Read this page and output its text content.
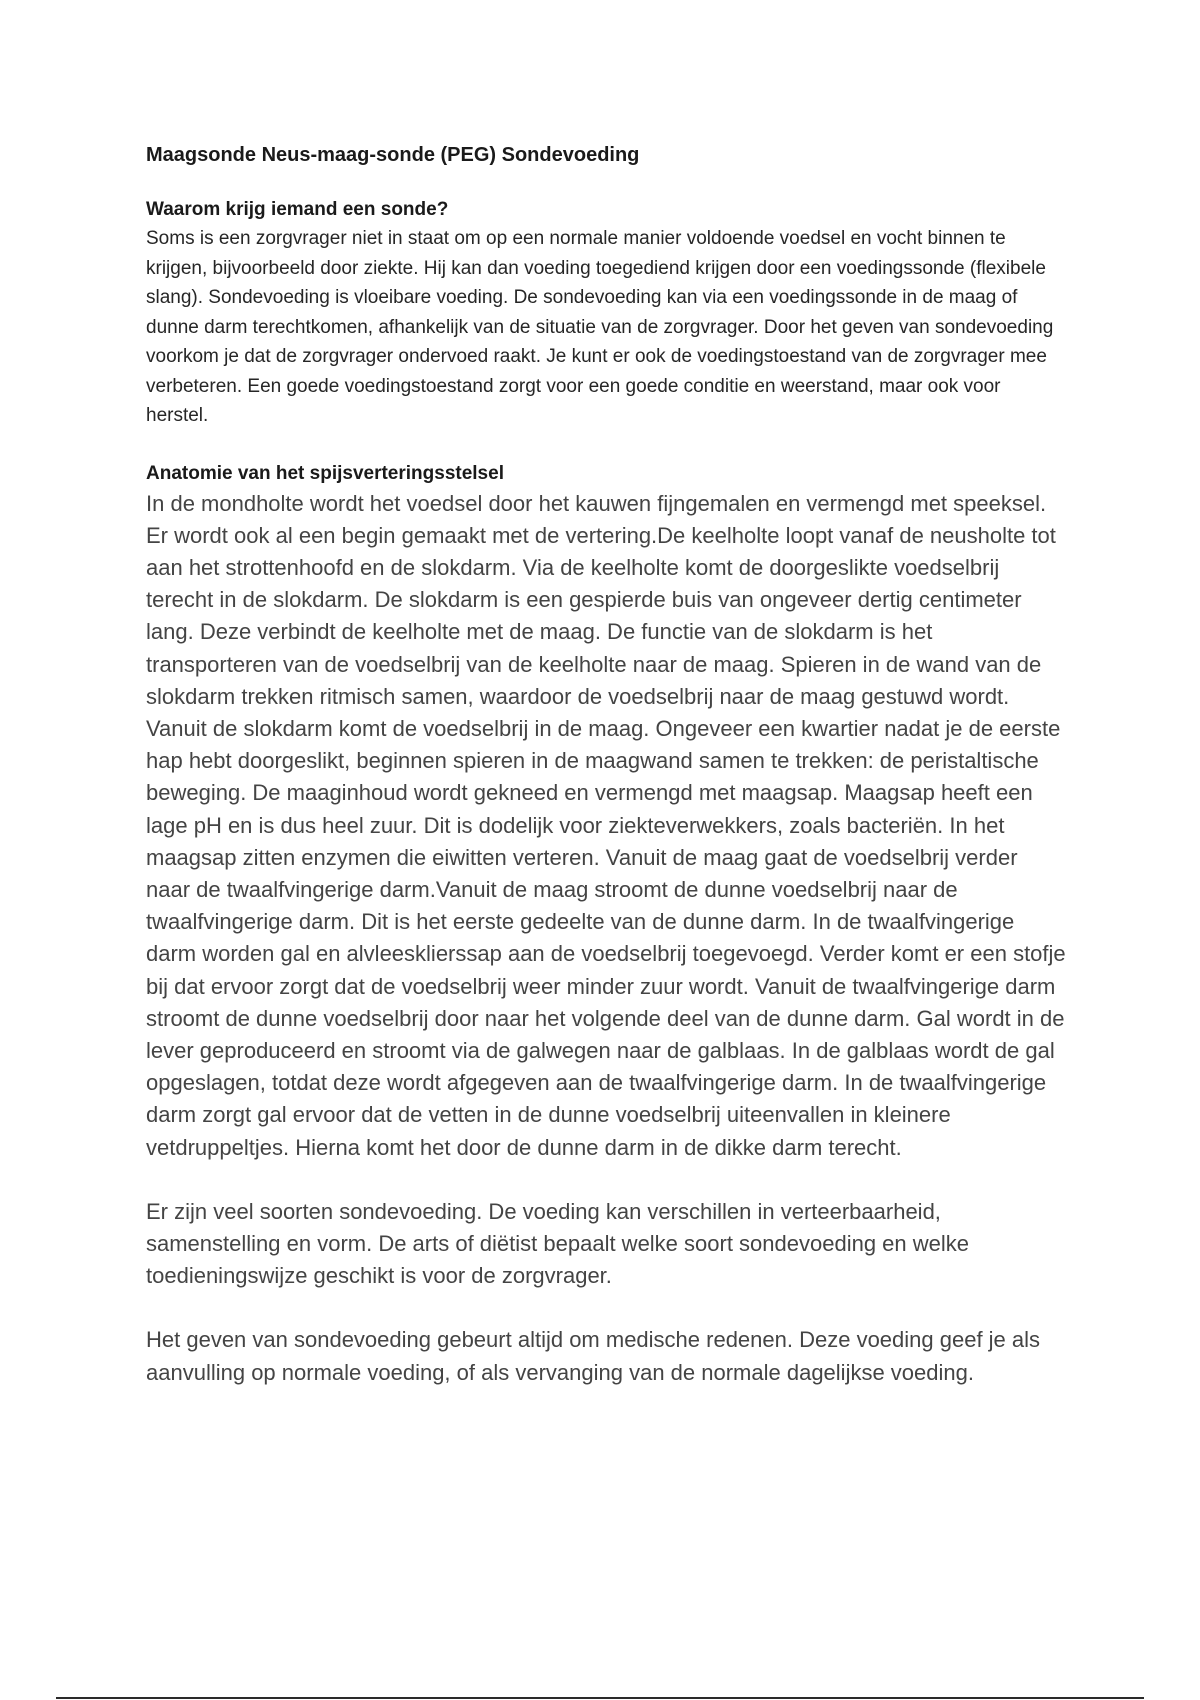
Maagsonde Neus-maag-sonde (PEG) Sondevoeding
Waarom krijg iemand een sonde?

Soms is een zorgvrager niet in staat om op een normale manier voldoende voedsel en vocht binnen te krijgen, bijvoorbeeld door ziekte. Hij kan dan voeding toegediend krijgen door een voedingssonde (flexibele slang). Sondevoeding is vloeibare voeding. De sondevoeding kan via een voedingssonde in de maag of dunne darm terechtkomen, afhankelijk van de situatie van de zorgvrager. Door het geven van sondevoeding voorkom je dat de zorgvrager ondervoed raakt. Je kunt er ook de voedingstoestand van de zorgvrager mee verbeteren. Een goede voedingstoestand zorgt voor een goede conditie en weerstand, maar ook voor herstel.

Anatomie van het spijsverteringsstelsel

In de mondholte wordt het voedsel door het kauwen fijngemalen en vermengd met speeksel. Er wordt ook al een begin gemaakt met de vertering.De keelholte loopt vanaf de neusholte tot aan het strottenhoofd en de slokdarm. Via de keelholte komt de doorgeslikte voedselbrij terecht in de slokdarm. De slokdarm is een gespierde buis van ongeveer dertig centimeter lang. Deze verbindt de keelholte met de maag. De functie van de slokdarm is het transporteren van de voedselbrij van de keelholte naar de maag. Spieren in de wand van de slokdarm trekken ritmisch samen, waardoor de voedselbrij naar de maag gestuwd wordt. Vanuit de slokdarm komt de voedselbrij in de maag. Ongeveer een kwartier nadat je de eerste hap hebt doorgeslikt, beginnen spieren in de maagwand samen te trekken: de peristaltische beweging. De maaginhoud wordt gekneed en vermengd met maagsap. Maagsap heeft een lage pH en is dus heel zuur. Dit is dodelijk voor ziekteverwekkers, zoals bacteriën. In het maagsap zitten enzymen die eiwitten verteren. Vanuit de maag gaat de voedselbrij verder naar de twaalfvingerige darm.Vanuit de maag stroomt de dunne voedselbrij naar de twaalfvingerige darm. Dit is het eerste gedeelte van de dunne darm. In de twaalfvingerige darm worden gal en alvleesklierssap aan de voedselbrij toegevoegd. Verder komt er een stofje bij dat ervoor zorgt dat de voedselbrij weer minder zuur wordt. Vanuit de twaalfvingerige darm stroomt de dunne voedselbrij door naar het volgende deel van de dunne darm. Gal wordt in de lever geproduceerd en stroomt via de galwegen naar de galblaas. In de galblaas wordt de gal opgeslagen, totdat deze wordt afgegeven aan de twaalfvingerige darm. In de twaalfvingerige darm zorgt gal ervoor dat de vetten in de dunne voedselbrij uiteenvallen in kleinere vetdruppeltjes. Hierna komt het door de dunne darm in de dikke darm terecht.

Er zijn veel soorten sondevoeding. De voeding kan verschillen in verteerbaarheid, samenstelling en vorm. De arts of diëtist bepaalt welke soort sondevoeding en welke toedieningswijze geschikt is voor de zorgvrager.

Het geven van sondevoeding gebeurt altijd om medische redenen. Deze voeding geef je als aanvulling op normale voeding, of als vervanging van de normale dagelijkse voeding.
